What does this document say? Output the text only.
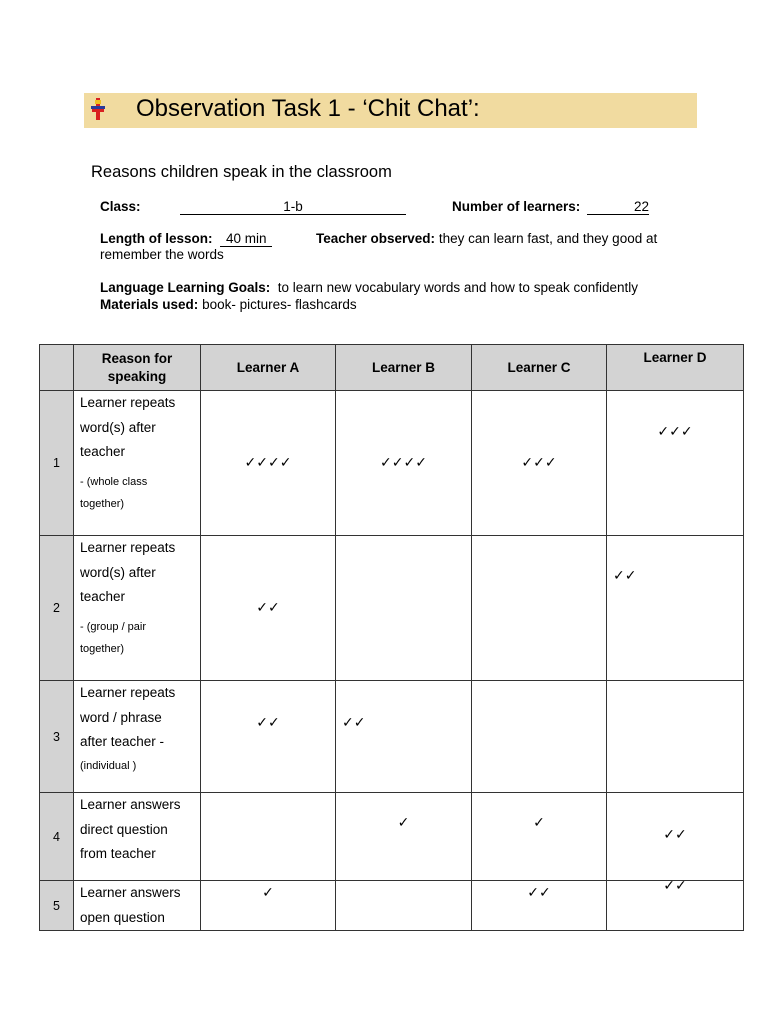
Observation Task 1 - ‘Chit Chat’:
Reasons children speak in the classroom
Class:	1-b	Number of learners:	22
Length of lesson: 40 min	Teacher observed: they can learn fast, and they good at
remember the words
Language Learning Goals: to learn new vocabulary words and how to speak confidently
Materials used: book- pictures- flashcards
	Reason for speaking	Learner A	Learner B	Learner C	Learner D
1	Learner repeats
word(s) after
teacher
- (whole class
together)	✓✓✓✓	✓✓✓✓	✓✓✓	✓✓✓
2	Learner repeats
word(s) after
teacher
- (group / pair
together)	✓✓			✓✓
3	Learner repeats
word / phrase
after teacher -
(individual )	✓✓	✓✓		
4	Learner answers
direct question
from teacher		✓	✓	✓✓
5	Learner answers
open question	✓		✓✓	✓✓
